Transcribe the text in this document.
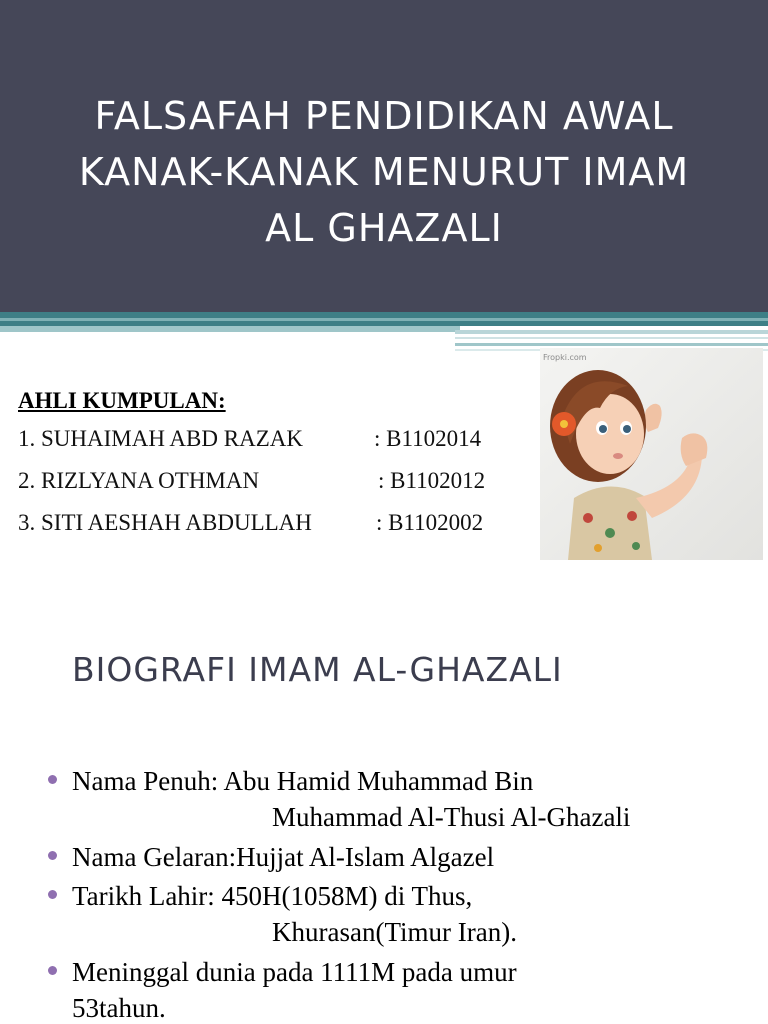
FALSAFAH PENDIDIKAN AWAL
KANAK-KANAK MENURUT IMAM
AL GHAZALI

AHLI KUMPULAN:

1. SUHAIMAH ABD RAZAK	: B1102014
2. RIZLYANA OTHMAN	: B1102012
3. SITI AESHAH ABDULLAH	: B1102002
Fropki.com

BIOGRAFI IMAM AL-GHAZALI

Nama Penuh: Abu Hamid Muhammad Bin
Muhammad Al-Thusi Al-Ghazali
Nama Gelaran:Hujjat Al-Islam Algazel
Tarikh Lahir: 450H(1058M) di Thus,
Khurasan(Timur Iran).
Meninggal dunia pada 1111M pada umur
53tahun.
